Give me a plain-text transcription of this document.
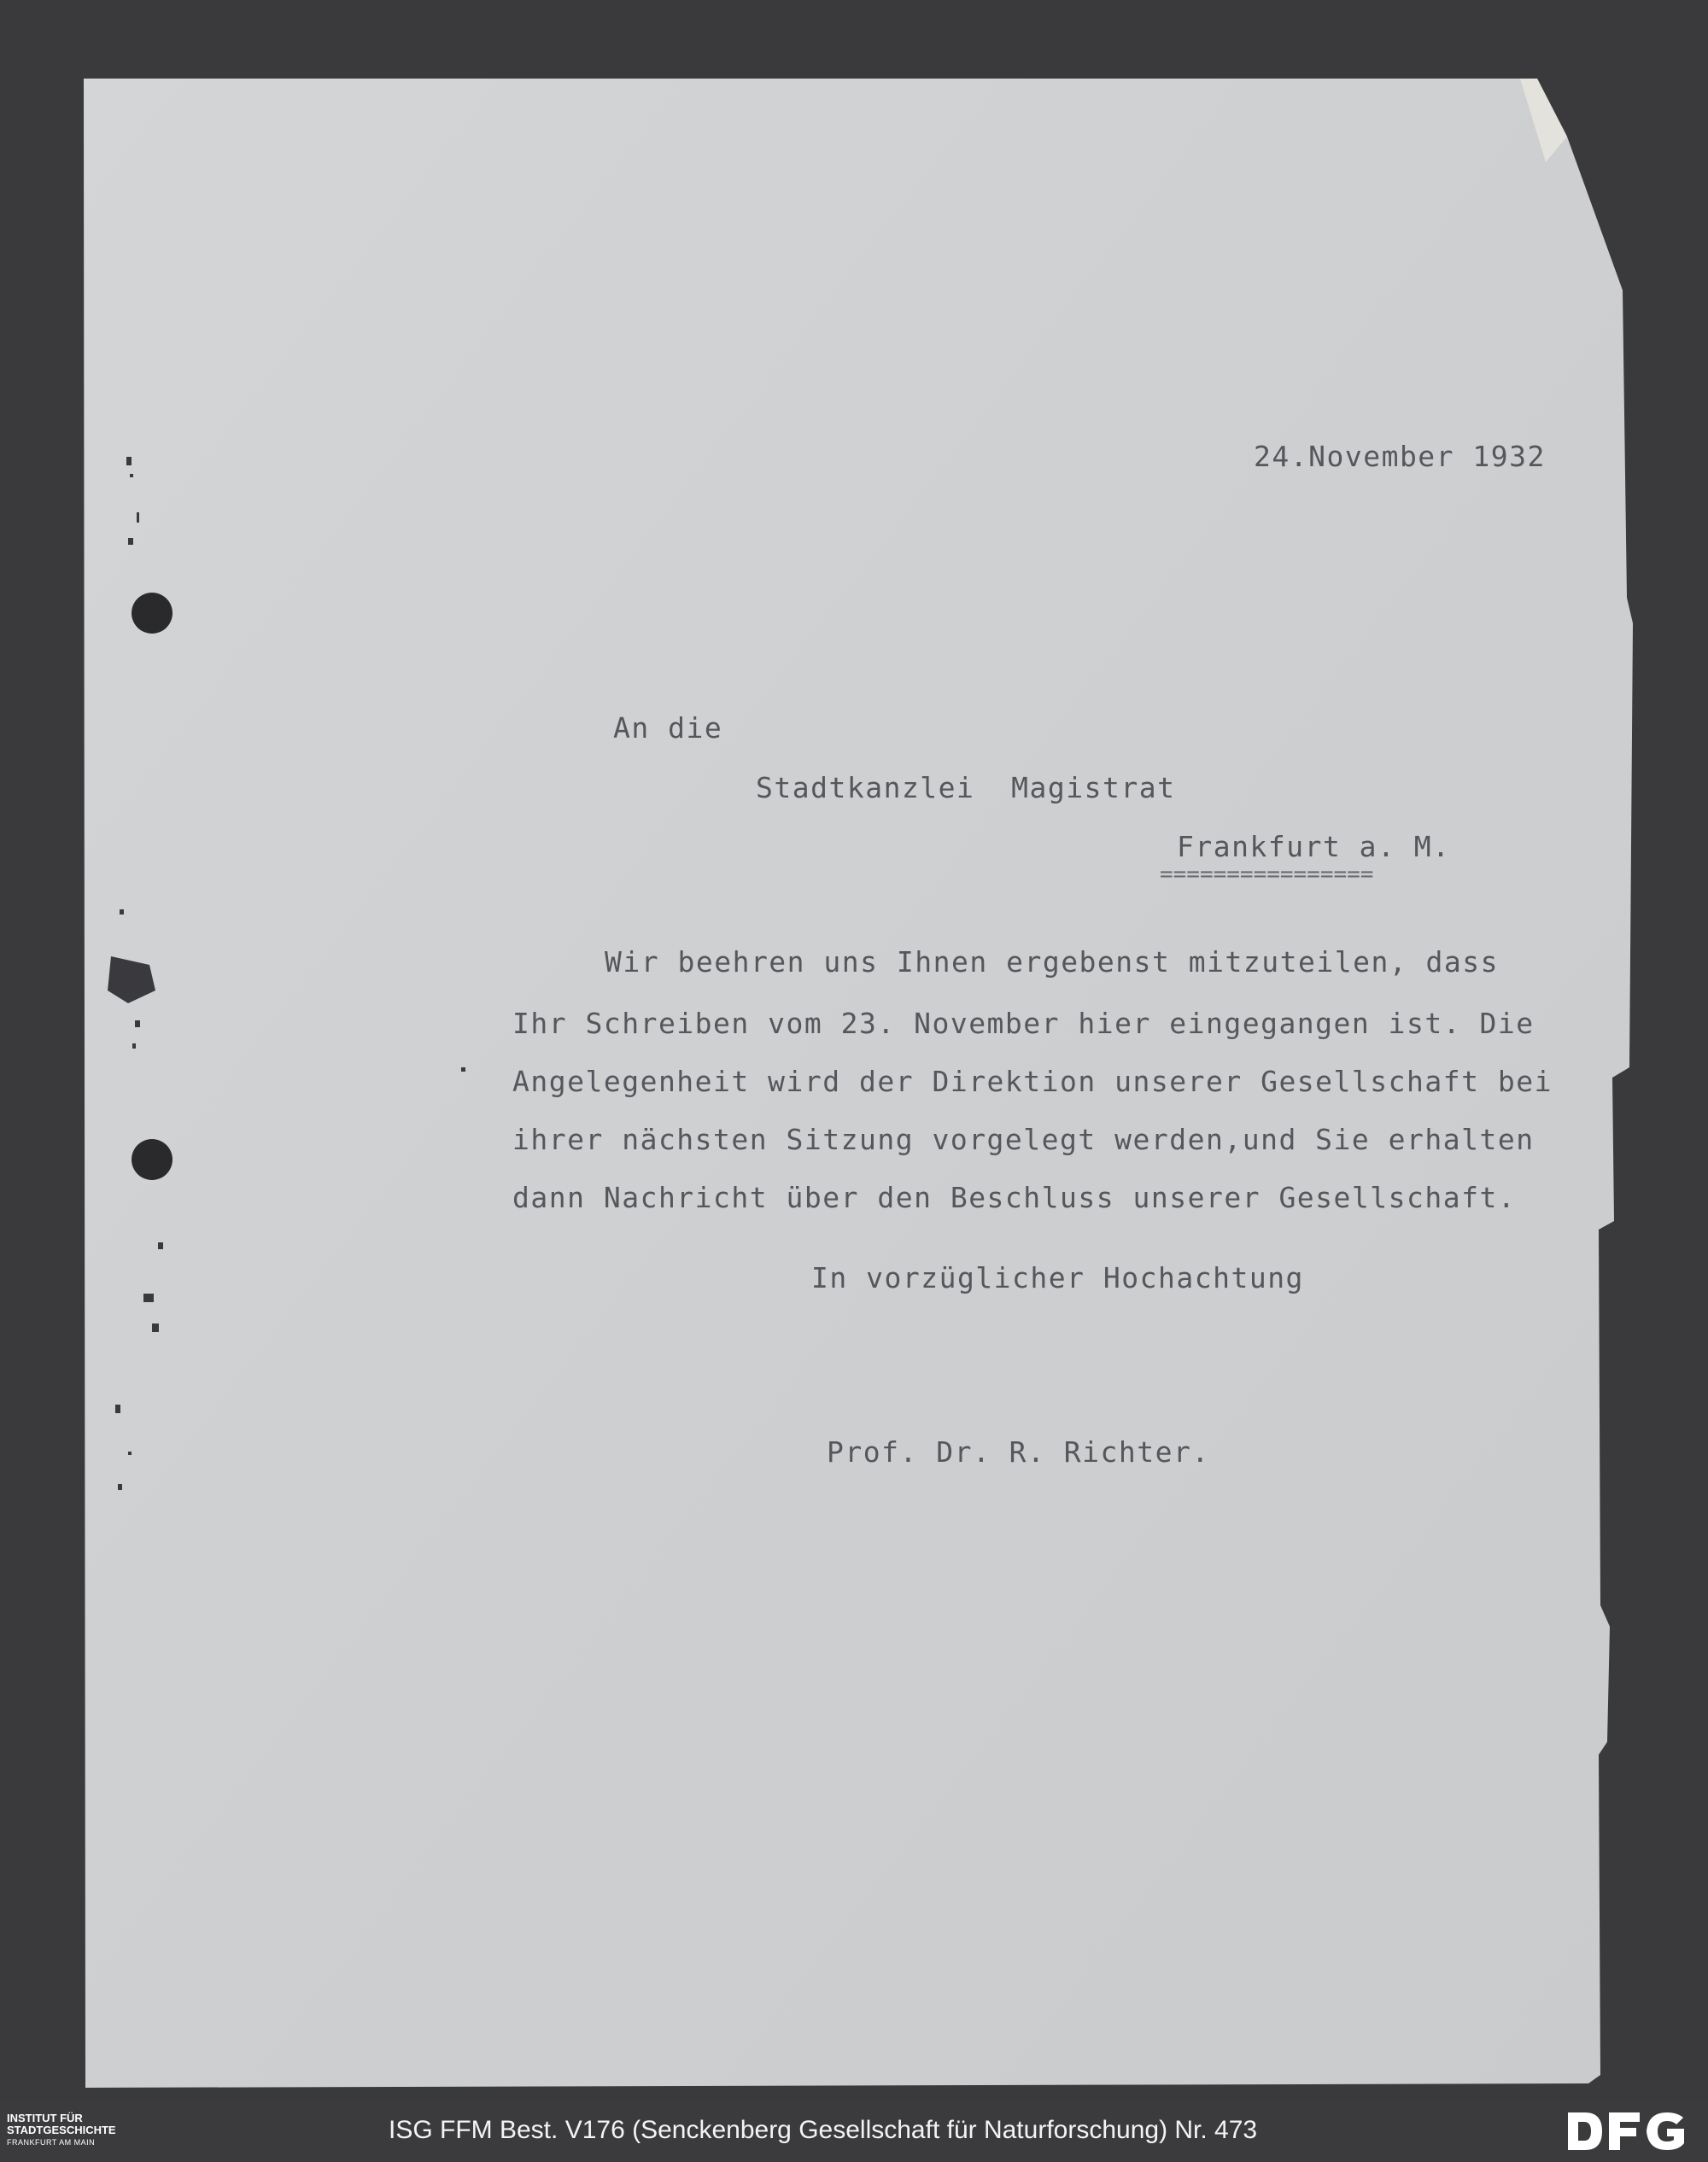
24.November 1932
An die
Stadtkanzlei  Magistrat
Frankfurt a. M.
================
Wir beehren uns Ihnen ergebenst mitzuteilen, dass
Ihr Schreiben vom 23. November hier eingegangen ist. Die
Angelegenheit wird der Direktion unserer Gesellschaft bei
ihrer nächsten Sitzung vorgelegt werden,und Sie erhalten
dann Nachricht über den Beschluss unserer Gesellschaft.
In vorzüglicher Hochachtung
Prof. Dr. R. Richter.
INSTITUT FÜR
STADTGESCHICHTE
FRANKFURT AM MAIN	ISG FFM Best. V176 (Senckenberg Gesellschaft für Naturforschung) Nr. 473
